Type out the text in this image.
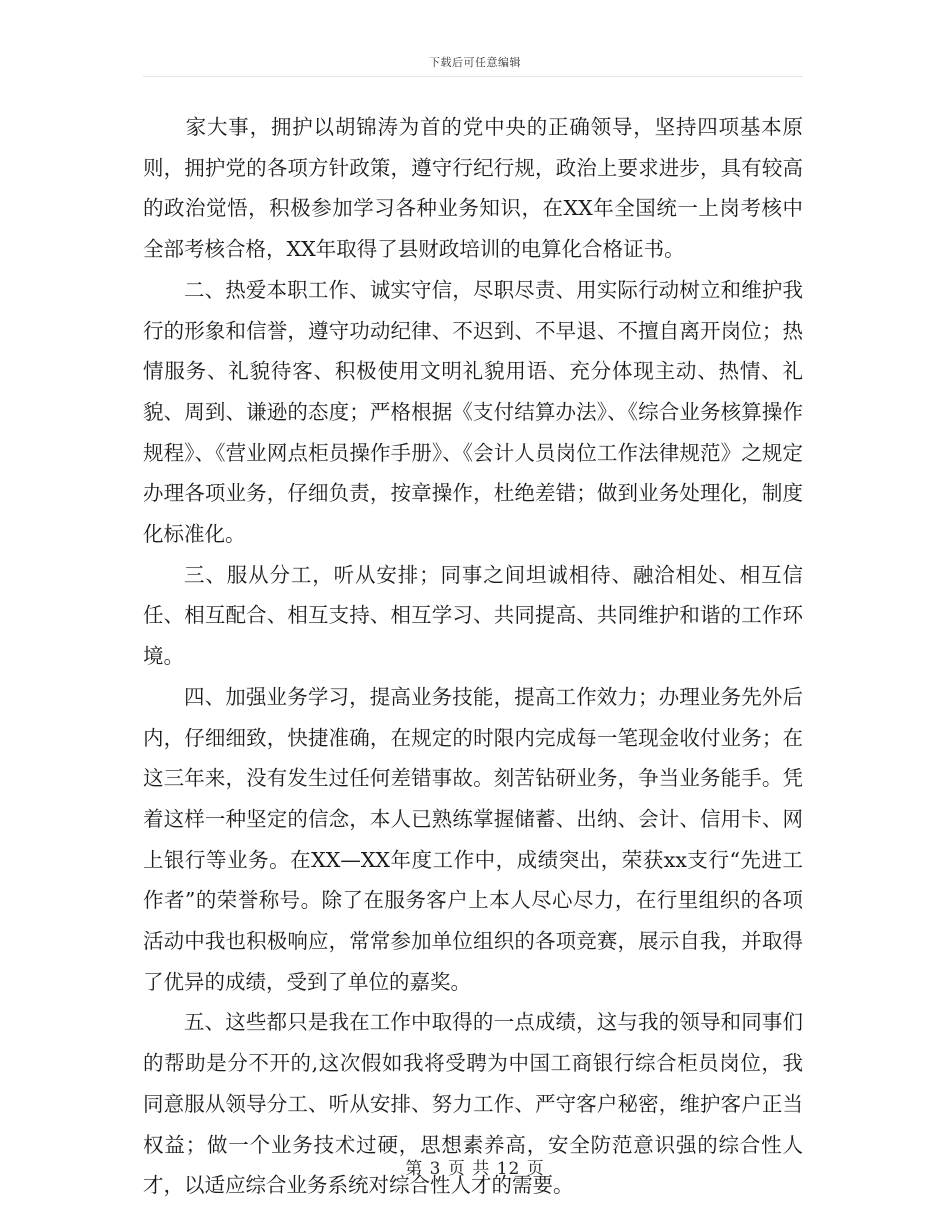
下载后可任意编辑

　　家大事，拥护以胡锦涛为首的党中央的正确领导，坚持四项基本原则，拥护党的各项方针政策，遵守行纪行规，政治上要求进步，具有较高的政治觉悟，积极参加学习各种业务知识，在XX年全国统一上岗考核中全部考核合格，XX年取得了县财政培训的电算化合格证书。

二、热爱本职工作、诚实守信，尽职尽责、用实际行动树立和维护我行的形象和信誉，遵守功动纪律、不迟到、不早退、不擅自离开岗位；热情服务、礼貌待客、积极使用文明礼貌用语、充分体现主动、热情、礼貌、周到、谦逊的态度；严格根据《支付结算办法》、《综合业务核算操作规程》、《营业网点柜员操作手册》、《会计人员岗位工作法律规范》之规定办理各项业务，仔细负责，按章操作，杜绝差错；做到业务处理化，制度化标准化。

三、服从分工，听从安排；同事之间坦诚相待、融洽相处、相互信任、相互配合、相互支持、相互学习、共同提高、共同维护和谐的工作环境。

四、加强业务学习，提高业务技能，提高工作效力；办理业务先外后内，仔细细致，快捷准确，在规定的时限内完成每一笔现金收付业务；在这三年来，没有发生过任何差错事故。刻苦钻研业务，争当业务能手。凭着这样一种坚定的信念，本人已熟练掌握储蓄、出纳、会计、信用卡、网上银行等业务。在XX—XX年度工作中，成绩突出，荣获xx支行“先进工作者”的荣誉称号。除了在服务客户上本人尽心尽力，在行里组织的各项活动中我也积极响应，常常参加单位组织的各项竞赛，展示自我，并取得了优异的成绩，受到了单位的嘉奖。

五、这些都只是我在工作中取得的一点成绩，这与我的领导和同事们的帮助是分不开的,这次假如我将受聘为中国工商银行综合柜员岗位，我同意服从领导分工、听从安排、努力工作、严守客户秘密，维护客户正当权益；做一个业务技术过硬，思想素养高，安全防范意识强的综合性人才，以适应综合业务系统对综合性人才的需要。

第 3 页 共 12 页
